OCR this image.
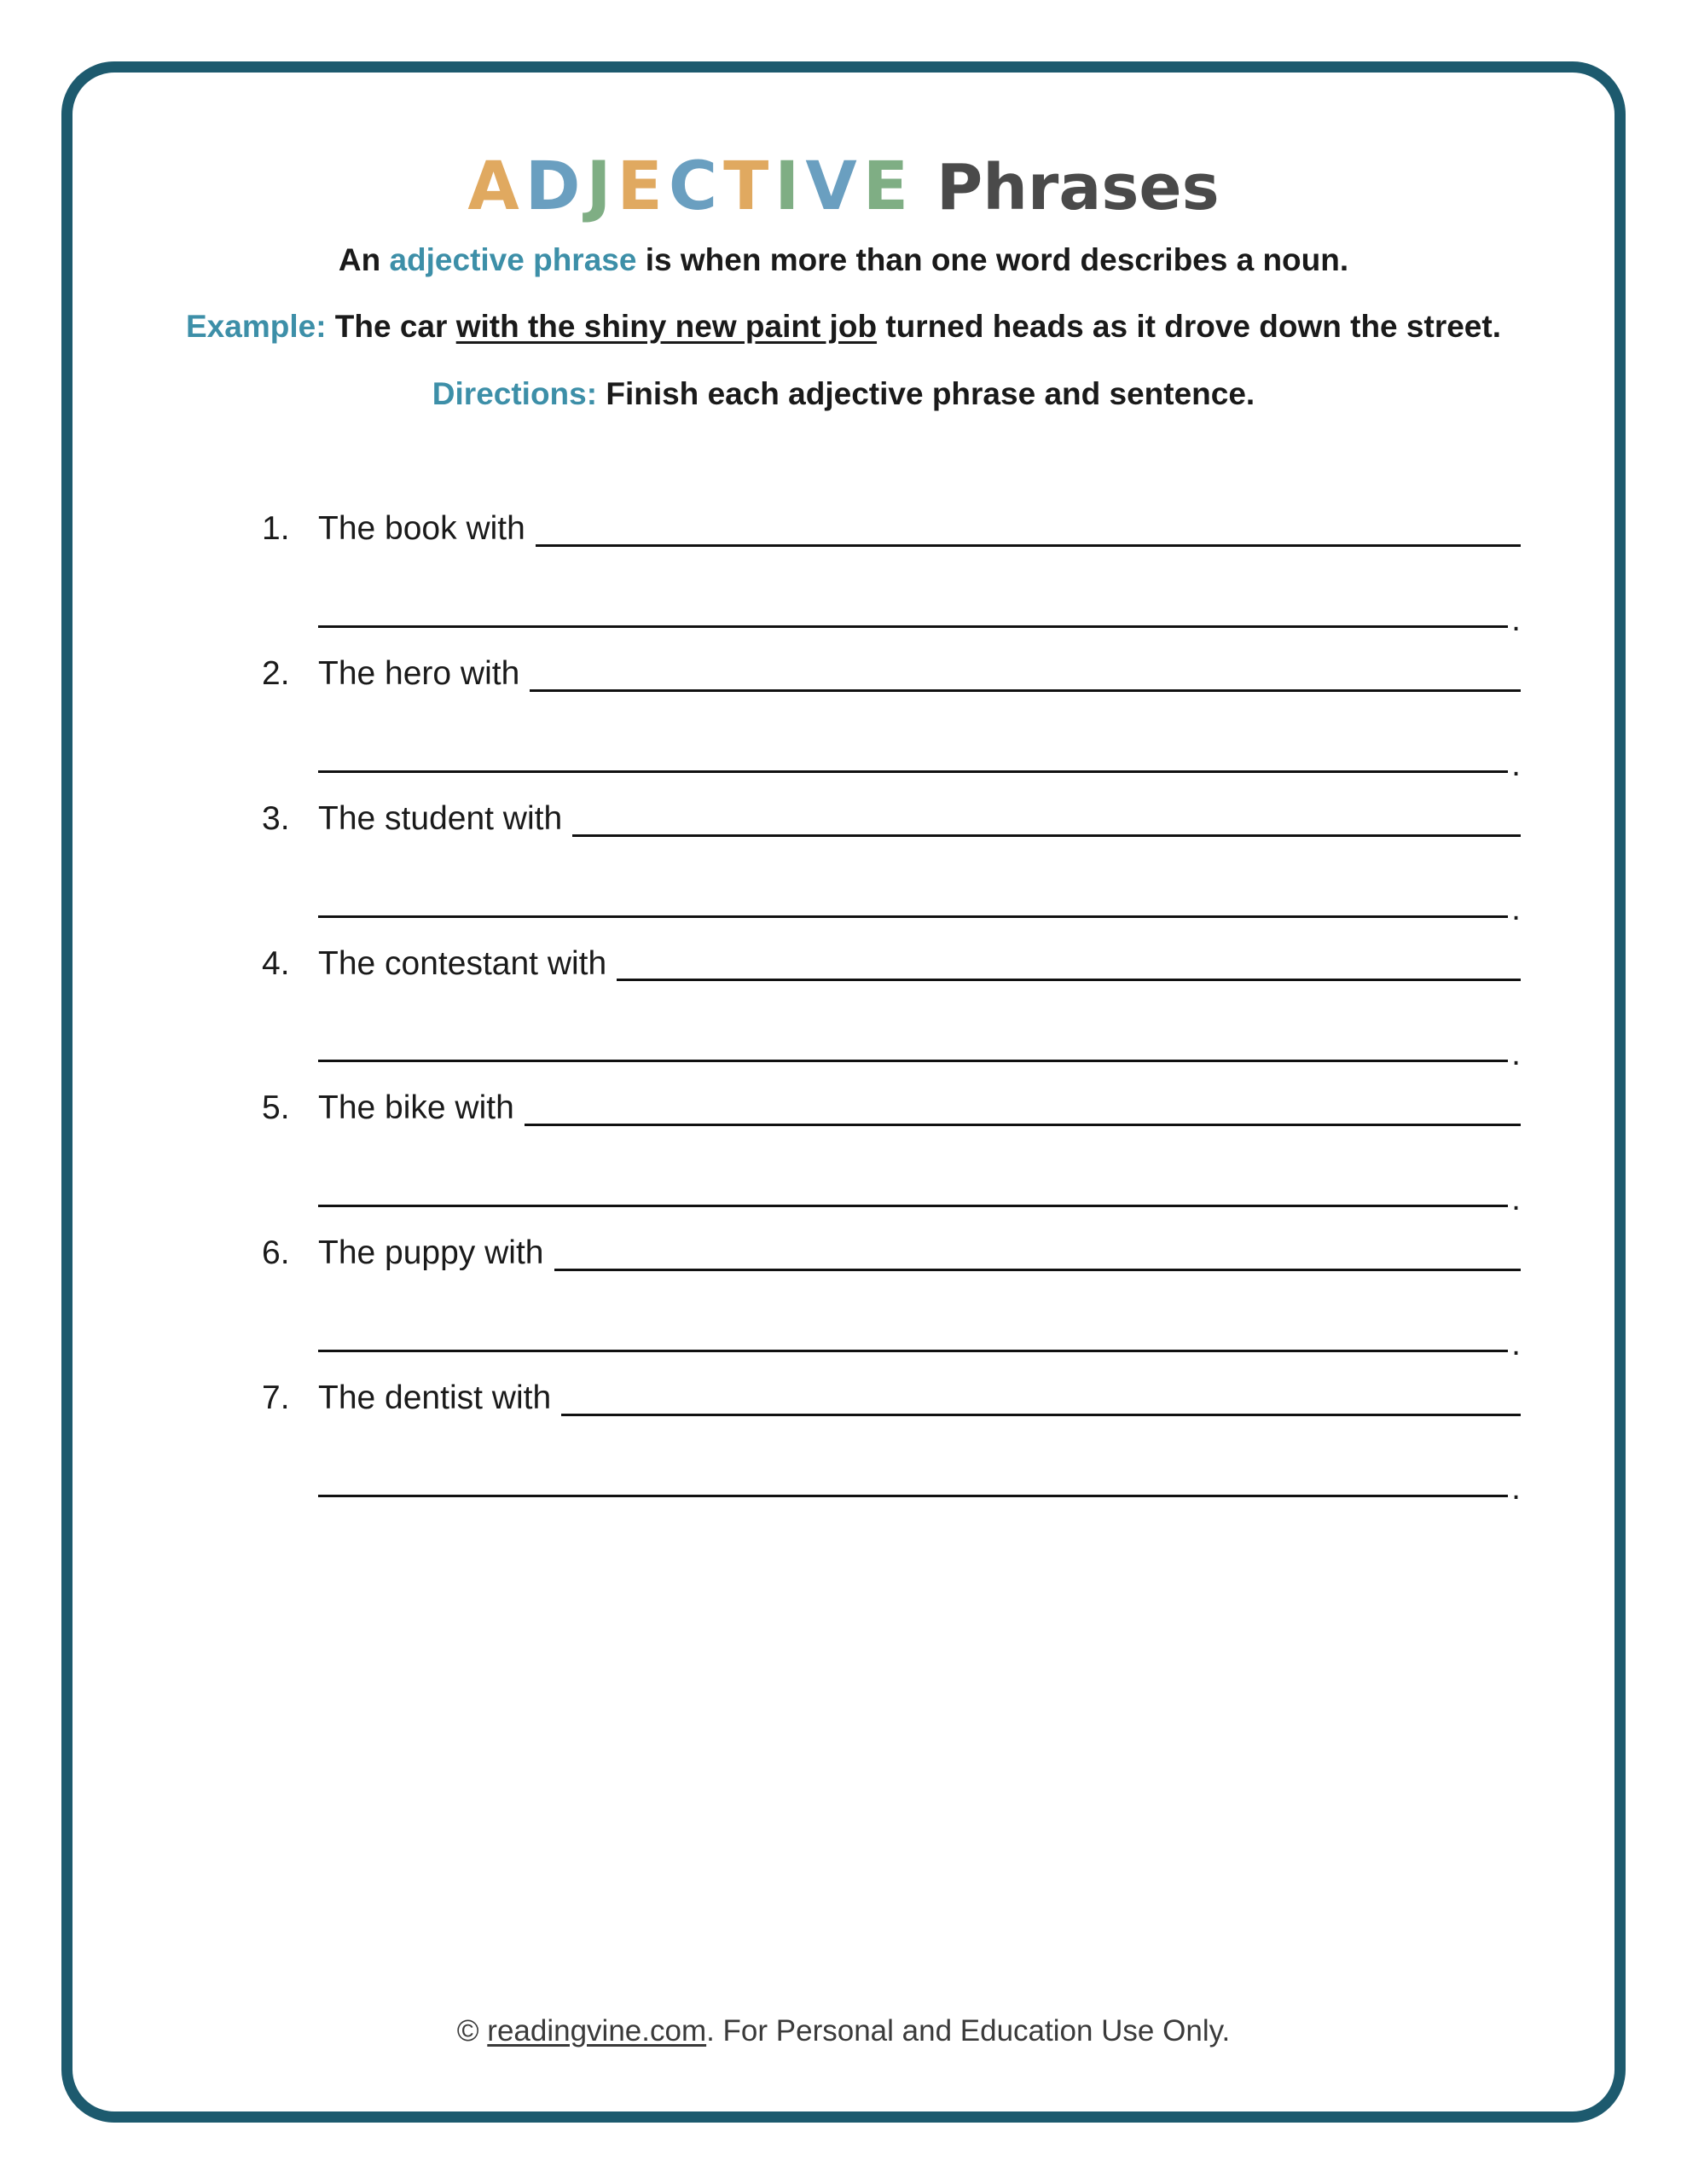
ADJECTIVE Phrases

An adjective phrase is when more than one word describes a noun.

Example: The car with the shiny new paint job turned heads as it drove down the street.

Directions: Finish each adjective phrase and sentence.

1. The book with
.
2. The hero with
.
3. The student with
.
4. The contestant with
.
5. The bike with
.
6. The puppy with
.
7. The dentist with
.
© readingvine.com. For Personal and Education Use Only.
